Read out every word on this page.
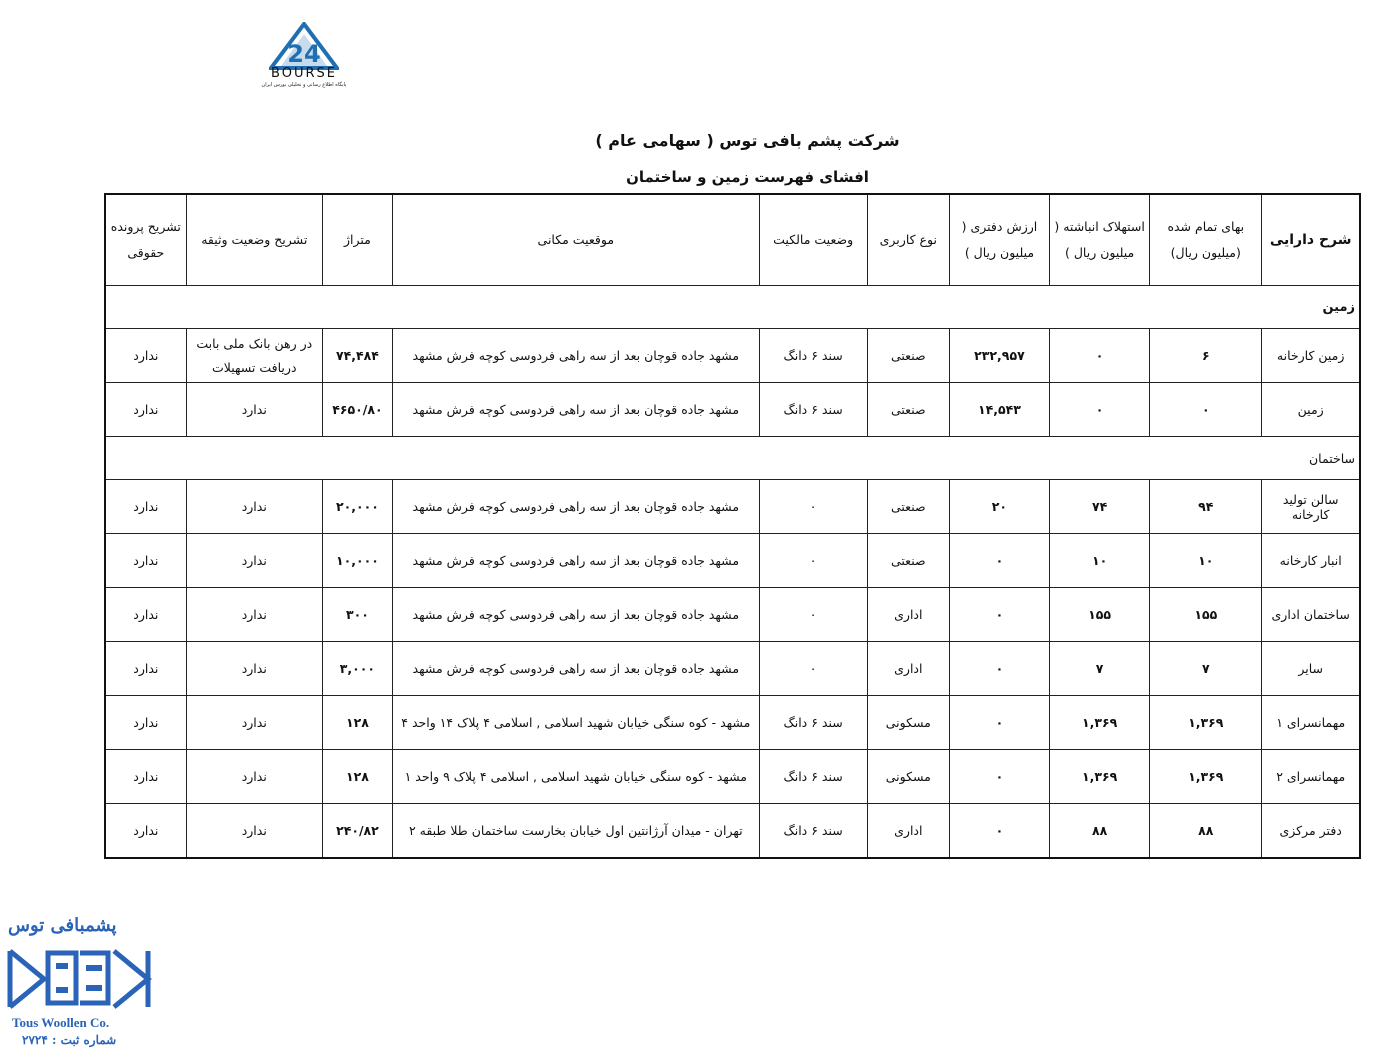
24
BOURSE
پایگاه اطلاع رسانی و تحلیلی بورس ایران
شرکت پشم بافی توس ( سهامی عام )
افشای فهرست زمین و ساختمان
شرح دارایی	بهای تمام شده (میلیون ریال)	استهلاک انباشته ( میلیون ریال )	ارزش دفتری ( میلیون ریال )	نوع کاربری	وضعیت مالکیت	موقعیت مکانی	متراژ	تشریح وضعیت وثیقه	تشریح پرونده حقوقی
زمین									
زمین کارخانه	۶	۰	۲۳۲,۹۵۷	صنعتی	سند ۶ دانگ	مشهد جاده قوچان بعد از سه راهی فردوسی کوچه فرش مشهد	۷۴,۴۸۴	در رهن بانک ملی بابت دریافت تسهیلات	ندارد
زمین	۰	۰	۱۴,۵۴۳	صنعتی	سند ۶ دانگ	مشهد جاده قوچان بعد از سه راهی فردوسی کوچه فرش مشهد	۴۶۵۰/۸۰	ندارد	ندارد
ساختمان									
سالن تولید کارخانه	۹۴	۷۴	۲۰	صنعتی	۰	مشهد جاده قوچان بعد از سه راهی فردوسی کوچه فرش مشهد	۲۰,۰۰۰	ندارد	ندارد
انبار کارخانه	۱۰	۱۰	۰	صنعتی	۰	مشهد جاده قوچان بعد از سه راهی فردوسی کوچه فرش مشهد	۱۰,۰۰۰	ندارد	ندارد
ساختمان اداری	۱۵۵	۱۵۵	۰	اداری	۰	مشهد جاده قوچان بعد از سه راهی فردوسی کوچه فرش مشهد	۳۰۰	ندارد	ندارد
سایر	۷	۷	۰	اداری	۰	مشهد جاده قوچان بعد از سه راهی فردوسی کوچه فرش مشهد	۳,۰۰۰	ندارد	ندارد
مهمانسرای ۱	۱,۳۶۹	۱,۳۶۹	۰	مسکونی	سند ۶ دانگ	مشهد - کوه سنگی خیابان شهید اسلامی , اسلامی ۴ پلاک ۱۴ واحد ۴	۱۲۸	ندارد	ندارد
مهمانسرای ۲	۱,۳۶۹	۱,۳۶۹	۰	مسکونی	سند ۶ دانگ	مشهد - کوه سنگی خیابان شهید اسلامی , اسلامی ۴ پلاک ۹ واحد ۱	۱۲۸	ندارد	ندارد
دفتر مرکزی	۸۸	۸۸	۰	اداری	سند ۶ دانگ	تهران - میدان آرژانتین اول خیابان بخارست ساختمان طلا طبقه ۲	۲۴۰/۸۲	ندارد	ندارد
پشمبافی توس
Tous Woollen Co.
شماره ثبت : ۲۷۲۴
